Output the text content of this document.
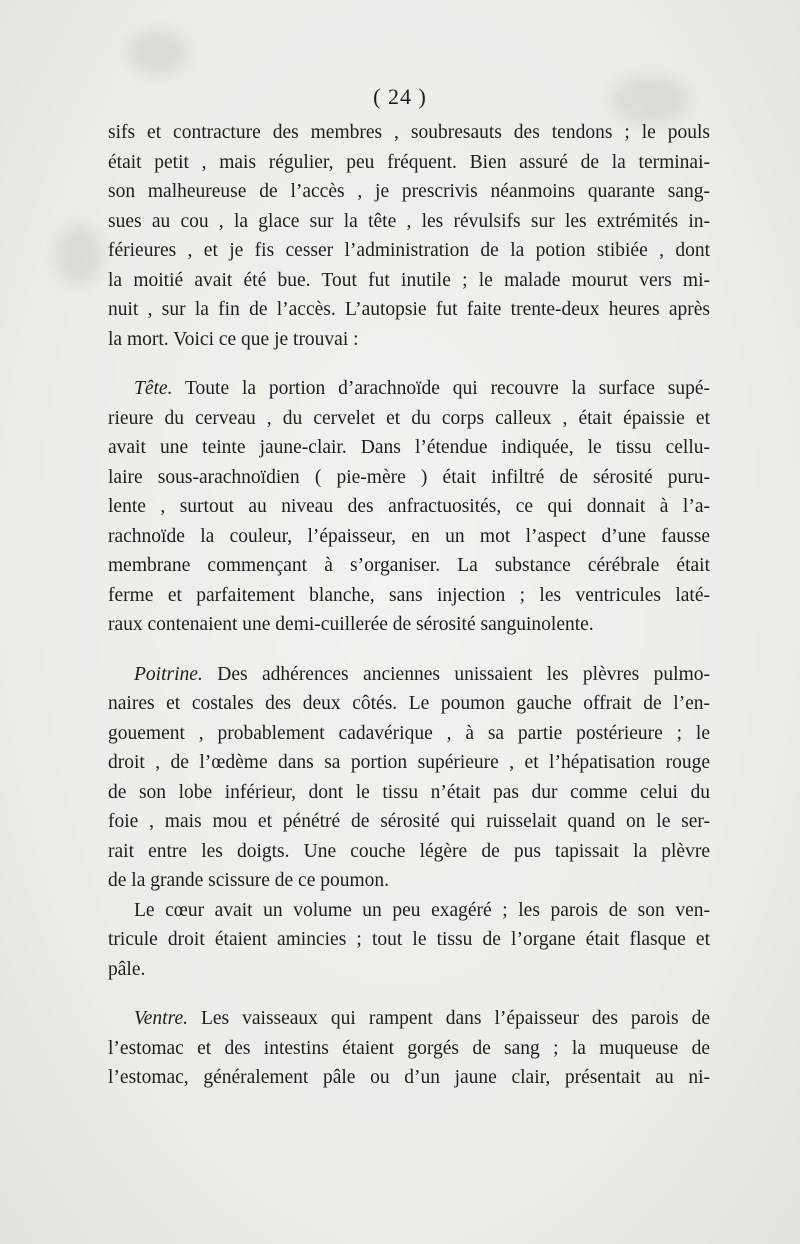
( 24 )
sifs et contracture des membres , soubresauts des tendons ; le pouls
était petit , mais régulier, peu fréquent. Bien assuré de la terminai-
son malheureuse de l’accès , je prescrivis néanmoins quarante sang-
sues au cou , la glace sur la tête , les révulsifs sur les extrémités in-
férieures , et je fis cesser l’administration de la potion stibiée , dont
la moitié avait été bue. Tout fut inutile ; le malade mourut vers mi-
nuit , sur la fin de l’accès. L’autopsie fut faite trente-deux heures après
la mort. Voici ce que je trouvai :
Tête. Toute la portion d’arachnoïde qui recouvre la surface supé-
rieure du cerveau , du cervelet et du corps calleux , était épaissie et
avait une teinte jaune-clair. Dans l’étendue indiquée, le tissu cellu-
laire sous-arachnoïdien ( pie-mère ) était infiltré de sérosité puru-
lente , surtout au niveau des anfractuosités, ce qui donnait à l’a-
rachnoïde la couleur, l’épaisseur, en un mot l’aspect d’une fausse
membrane commençant à s’organiser. La substance cérébrale était
ferme et parfaitement blanche, sans injection ; les ventricules laté-
raux contenaient une demi-cuillerée de sérosité sanguinolente.
Poitrine. Des adhérences anciennes unissaient les plèvres pulmo-
naires et costales des deux côtés. Le poumon gauche offrait de l’en-
gouement , probablement cadavérique , à sa partie postérieure ; le
droit , de l’œdème dans sa portion supérieure , et l’hépatisation rouge
de son lobe inférieur, dont le tissu n’était pas dur comme celui du
foie , mais mou et pénétré de sérosité qui ruisselait quand on le ser-
rait entre les doigts. Une couche légère de pus tapissait la plèvre
de la grande scissure de ce poumon.
Le cœur avait un volume un peu exagéré ; les parois de son ven-
tricule droit étaient amincies ; tout le tissu de l’organe était flasque et
pâle.
Ventre. Les vaisseaux qui rampent dans l’épaisseur des parois de
l’estomac et des intestins étaient gorgés de sang ; la muqueuse de
l’estomac, généralement pâle ou d’un jaune clair, présentait au ni-
